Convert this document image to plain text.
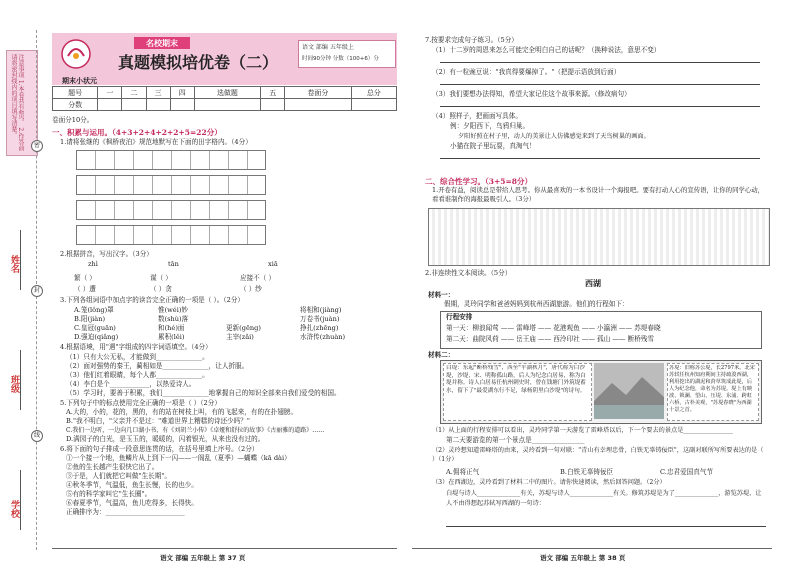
注意事项 1.本卷共有4页。 2.作答前请将密封线内的项目填写清楚。
密
封
线
姓名
班级
学校
名校期末
真题模拟培优卷（二）
期末小状元
语文 部编 五年级上
时间90分钟 分数（100+6）分
题号	一	二	三	四	选做题	五	卷面分	总分
分数								
卷面分10分。
一、积累与运用。（4+3+2+4+2+2+5=22分）
1.请将张继的《枫桥夜泊》规范地默写在下面的田字格内。（4分）
2.根据拼音，写出汉字。（3分）
zhì	tān	xiā
繁（ ）	谋（ ）	应接不（ ）
（ ）遭	（ ）贪	（ ）纱
3.下列各组词语中加点字的读音完全正确的一项是（ ）。（2分）
A.笼(lǒng)罩	惟(wéi)妙	将相和(jiàng)
B.阳(jiàn)	数(shù)落	万卷书(juàn)
C.皇冠(guān)	和(hé)面	更新(gēng)	挣扎(zhēng)
D.强迫(qiǎng)	累积(lěi)	主宰(zǎi)	水浒传(zhuàn)
4.根据语境，用"遇"字组成的四字词语填空。（4分）
（1）只有大公无私，才能做到______________。
（2）面对强势的秦王，蔺相如是______________，让人折服。
（3）他们红着眼睛，每个人都______________。
（4）李白是个____________，以热爱诗人。
（5）学习时，要善于积累，我们______________地掌握自己的知识全部来自我们爱受的相国。
5.下列句子中的标点使用完全正确的一项是（ ）（2分）
A.大的，小的，花的，黑的，有的站在树枝上叫，有的飞起来，有的在扑翅膀。
B."我不明白，"父亲并不是过："难道世界上糟糕的诗还少吗？"
C.我们一边听，一边向几口湖小书，有《刘胡兰小传》《卓娅和舒拉的故事》《古丽雅的道路》……
D.满园子的白光，是玉玉的，暖暖的，闪着银光，从来也没有过的。
6.将下面的句子排成一段意思连贯的话，在括号里填上序号。（2分）
①一个接一个地，鱼鳞片从上到下一闪——一阁乱（夏季）—蝴蝶（kā dài）
②鱼的生长越产生很快它出了。
③于是，人们就把它叫做"生长期"。
④秋冬季节，气温低，鱼生长慢，长的也少。
⑤有的科学家叫它"生长圈"。
⑥春夏季节，气温高，鱼儿吃得多，长得快。
正确排序为：________________________
语文 部编 五年级上 第 37 页
7.按要求完成句子练习。（5分）
（1）十二岁的周恩来怎么可能完全明白自己的话呢？（换种说法，意思不变）
（2）有一粒豌豆说："我真得要爆掉了。"（把提示语放到后面）
（3）我们要想办法得知，希望大家记住这个故事来源。（修改病句）
（4）照样子，把画面写具体。
例：夕阳西下，鸟鸦归巢。
夕阳好照在村子里，动人的美景让人仿佛感觉来到了天鸟树巢的画面。
小猫在院子里玩耍，真淘气！
二、综合性学习。（3+5=8分）
1.开卷有益，阅读总是带给人思考。你从最喜欢的一本书设计一个海报吧。要有打动人心的宣传语，让你的同学心动，看看谁制作的海报最吸引人。（3分）
2.非连续性文本阅读。（5分）
西湖
材料一：
假期，灵玲同学和爸爸妈妈到杭州西湖旅游。他们的行程如下：
行程安排
第一天：柳浪闻莺 —— 雷峰塔 —— 花港观鱼 —— 小瀛洲 —— 苏堤春晓
第二天：曲院风荷 —— 岳王庙 —— 西泠印社 —— 孤山 —— 断桥残雪
材料二：
白堤：东起"断桥残雪"，西至"平湖秋月"，唐代称为白沙堤，沙堤，宋、明称孤山路，后人为纪念白居易，称为白堤并称。诗人白居易任杭州刺史时，曾在钱塘门外筑堤蓄水，留下了"最爱湖东行不足，绿杨阴里白沙堤"的诗句。
苏堤：旧称苏公堤，长2797米。北宋苏轼任杭州知府期间主持疏浚西湖，利用挖出的湖泥和葑草筑成此堤，后人为纪念他，命名为苏堤。堤上有映波、锁澜、望山、压堤、东浦、跨虹六桥，古朴美观，"苏堤春晓"为西湖十景之首。
（1）从上面的行程安排可以看出，灵玲同学第一天游览了雷峰塔以后，下一个要去的景点是________________
第二天要游览的第一个景点是________________
（2）灵玲想知道雷峰塔的由来，灵玲看到一句对联："青山有幸埋忠骨，白铁无辜铸佞臣"，这副对联所写所要表达的是（ ）（1分）
A.佣将正气	B.白铁无辜铸佞臣	C.忠君爱国真气节
（3）在西湖边，灵玲看到了材料二中的图片。请你快速阅读，然后回答问题。（2分）
白堤与诗人______________有关，苏堤与诗人______________有关。修筑苏堤是为了______________，游览苏堤，让人不由得想起苏轼写西湖的一句诗：
语文 部编 五年级上 第 38 页
